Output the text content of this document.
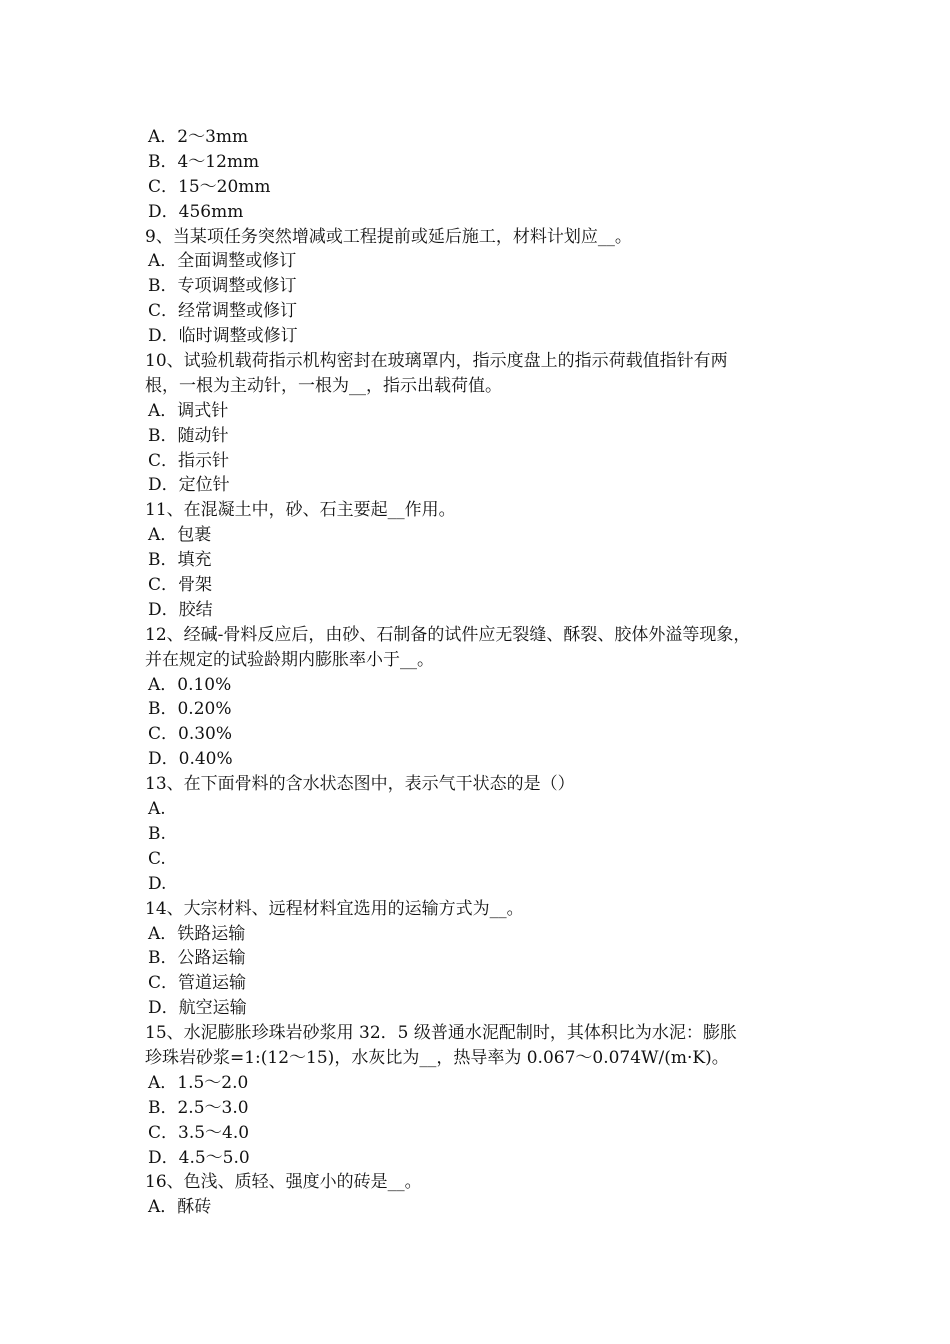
A．2～3mm
B．4～12mm
C．15～20mm
D．456mm
9、当某项任务突然增减或工程提前或延后施工，材料计划应__。
A．全面调整或修订
B．专项调整或修订
C．经常调整或修订
D．临时调整或修订
10、试验机载荷指示机构密封在玻璃罩内，指示度盘上的指示荷载值指针有两
根，一根为主动针，一根为__，指示出载荷值。
A．调式针
B．随动针
C．指示针
D．定位针
11、在混凝土中，砂、石主要起__作用。
A．包裹
B．填充
C．骨架
D．胶结
12、经碱-骨料反应后，由砂、石制备的试件应无裂缝、酥裂、胶体外溢等现象，
并在规定的试验龄期内膨胀率小于__。
A．0.10%
B．0.20%
C．0.30%
D．0.40%
13、在下面骨料的含水状态图中，表示气干状态的是（）
A.
B.
C.
D.
14、大宗材料、远程材料宜选用的运输方式为__。
A．铁路运输
B．公路运输
C．管道运输
D．航空运输
15、水泥膨胀珍珠岩砂浆用 32．5 级普通水泥配制时，其体积比为水泥：膨胀
珍珠岩砂浆=1:(12～15)，水灰比为__，热导率为 0.067～0.074W/(m·K)。
A．1.5～2.0
B．2.5～3.0
C．3.5～4.0
D．4.5～5.0
16、色浅、质轻、强度小的砖是__。
A．酥砖
